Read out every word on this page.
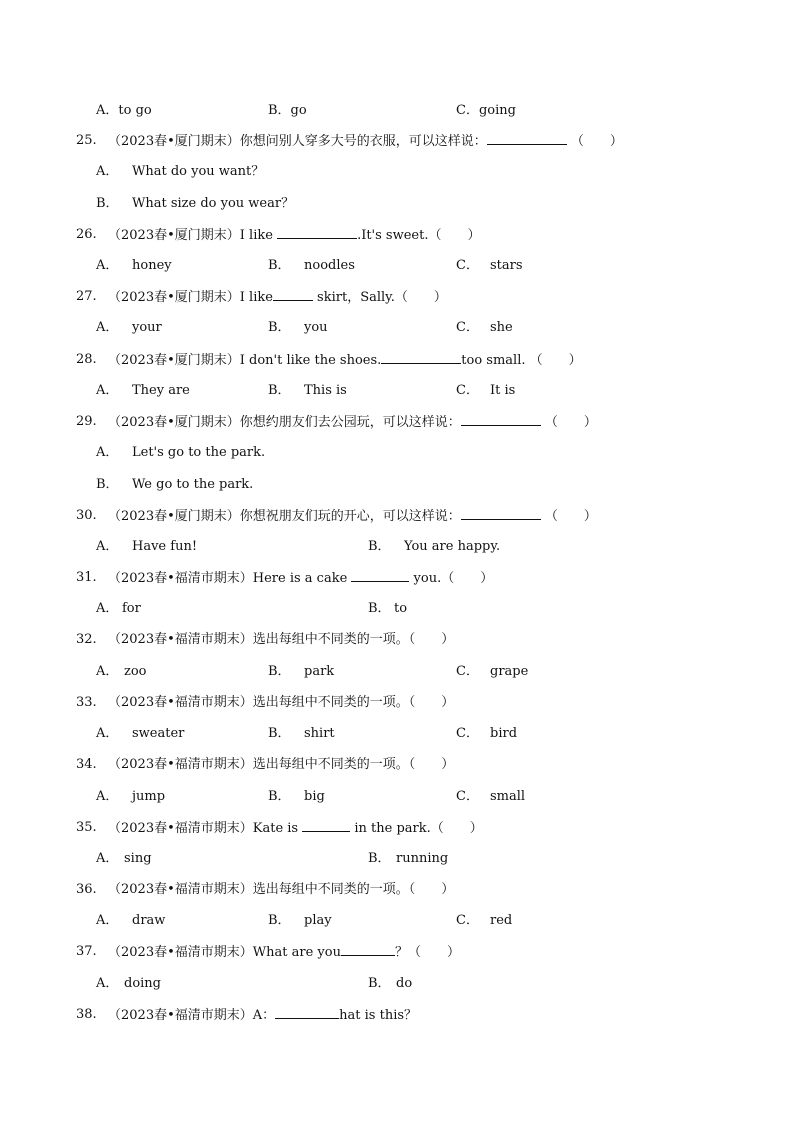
A．to go	B．go	C．going
25. （2023春•厦门期末）你想问别人穿多大号的衣服，可以这样说：	（　　）
A． What do you want？
B． What size do you wear？
26. （2023春•厦门期末）I like	.It's sweet.（　　）
A． honey	B． noodles	C． stars
27. （2023春•厦门期末）I like	skirt，Sally.（　　）
A． your	B． you	C． she
28. （2023春•厦门期末）I don't like the shoes.	too small. （　　）
A． They are	B． This is	C． It is
29. （2023春•厦门期末）你想约朋友们去公园玩，可以这样说：	（　　）
A． Let's go to the park.
B． We go to the park.
30. （2023春•厦门期末）你想祝朋友们玩的开心，可以这样说：	（　　）
A． Have fun!	B． You are happy.
31. （2023春•福清市期末）Here is a cake	you.（　　）
A． for	B． to
32. （2023春•福清市期末）选出每组中不同类的一项。（　　）
A． zoo	B． park	C． grape
33. （2023春•福清市期末）选出每组中不同类的一项。（　　）
A． sweater	B． shirt	C． bird
34. （2023春•福清市期末）选出每组中不同类的一项。（　　）
A． jump	B． big	C． small
35. （2023春•福清市期末）Kate is	in the park.（　　）
A． sing	B． running
36. （2023春•福清市期末）选出每组中不同类的一项。（　　）
A． draw	B． play	C． red
37. （2023春•福清市期末）What are you	？（　　）
A． doing	B． do
38. （2023春•福清市期末）A：	hat is this？
